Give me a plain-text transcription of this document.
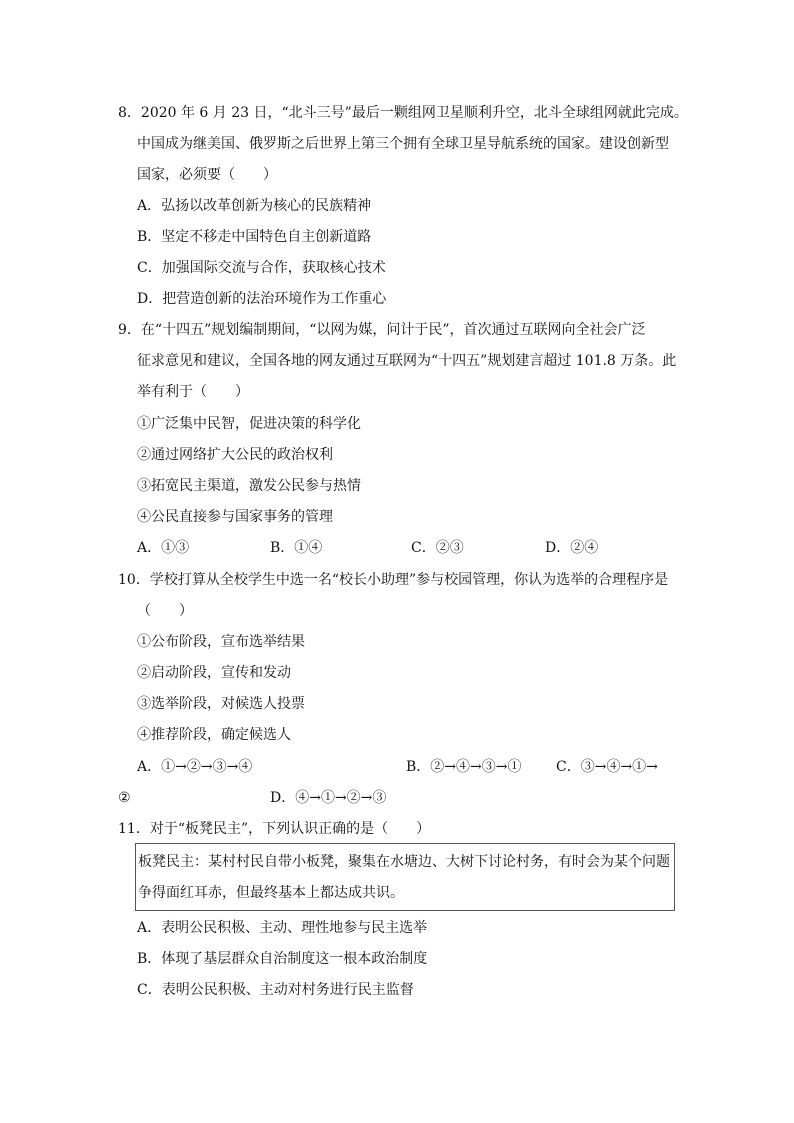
8．2020 年 6 月 23 日，“北斗三号”最后一颗组网卫星顺利升空，北斗全球组网就此完成。
中国成为继美国、俄罗斯之后世界上第三个拥有全球卫星导航系统的国家。建设创新型
国家，必须要（　　）
A．弘扬以改革创新为核心的民族精神
B．坚定不移走中国特色自主创新道路
C．加强国际交流与合作，获取核心技术
D．把营造创新的法治环境作为工作重心
9．在“十四五”规划编制期间，“以网为媒，问计于民”，首次通过互联网向全社会广泛
征求意见和建议，全国各地的网友通过互联网为“十四五”规划建言超过 101.8 万条。此
举有利于（　　）
①广泛集中民智，促进决策的科学化
②通过网络扩大公民的政治权利
③拓宽民主渠道，激发公民参与热情
④公民直接参与国家事务的管理
A．①③	B．①④	C．②③	D．②④
10．学校打算从全校学生中选一名“校长小助理”参与校园管理，你认为选举的合理程序是
（　　）
①公布阶段，宣布选举结果
②启动阶段，宣传和发动
③选举阶段，对候选人投票
④推荐阶段，确定候选人
A．①→②→③→④	B．②→④→③→① C．③→④→①→
②	D．④→①→②→③
11．对于“板凳民主”，下列认识正确的是（　　）
板凳民主：某村村民自带小板凳，聚集在水塘边、大树下讨论村务，有时会为某个问题
争得面红耳赤，但最终基本上都达成共识。
A．表明公民积极、主动、理性地参与民主选举
B．体现了基层群众自治制度这一根本政治制度
C．表明公民积极、主动对村务进行民主监督
